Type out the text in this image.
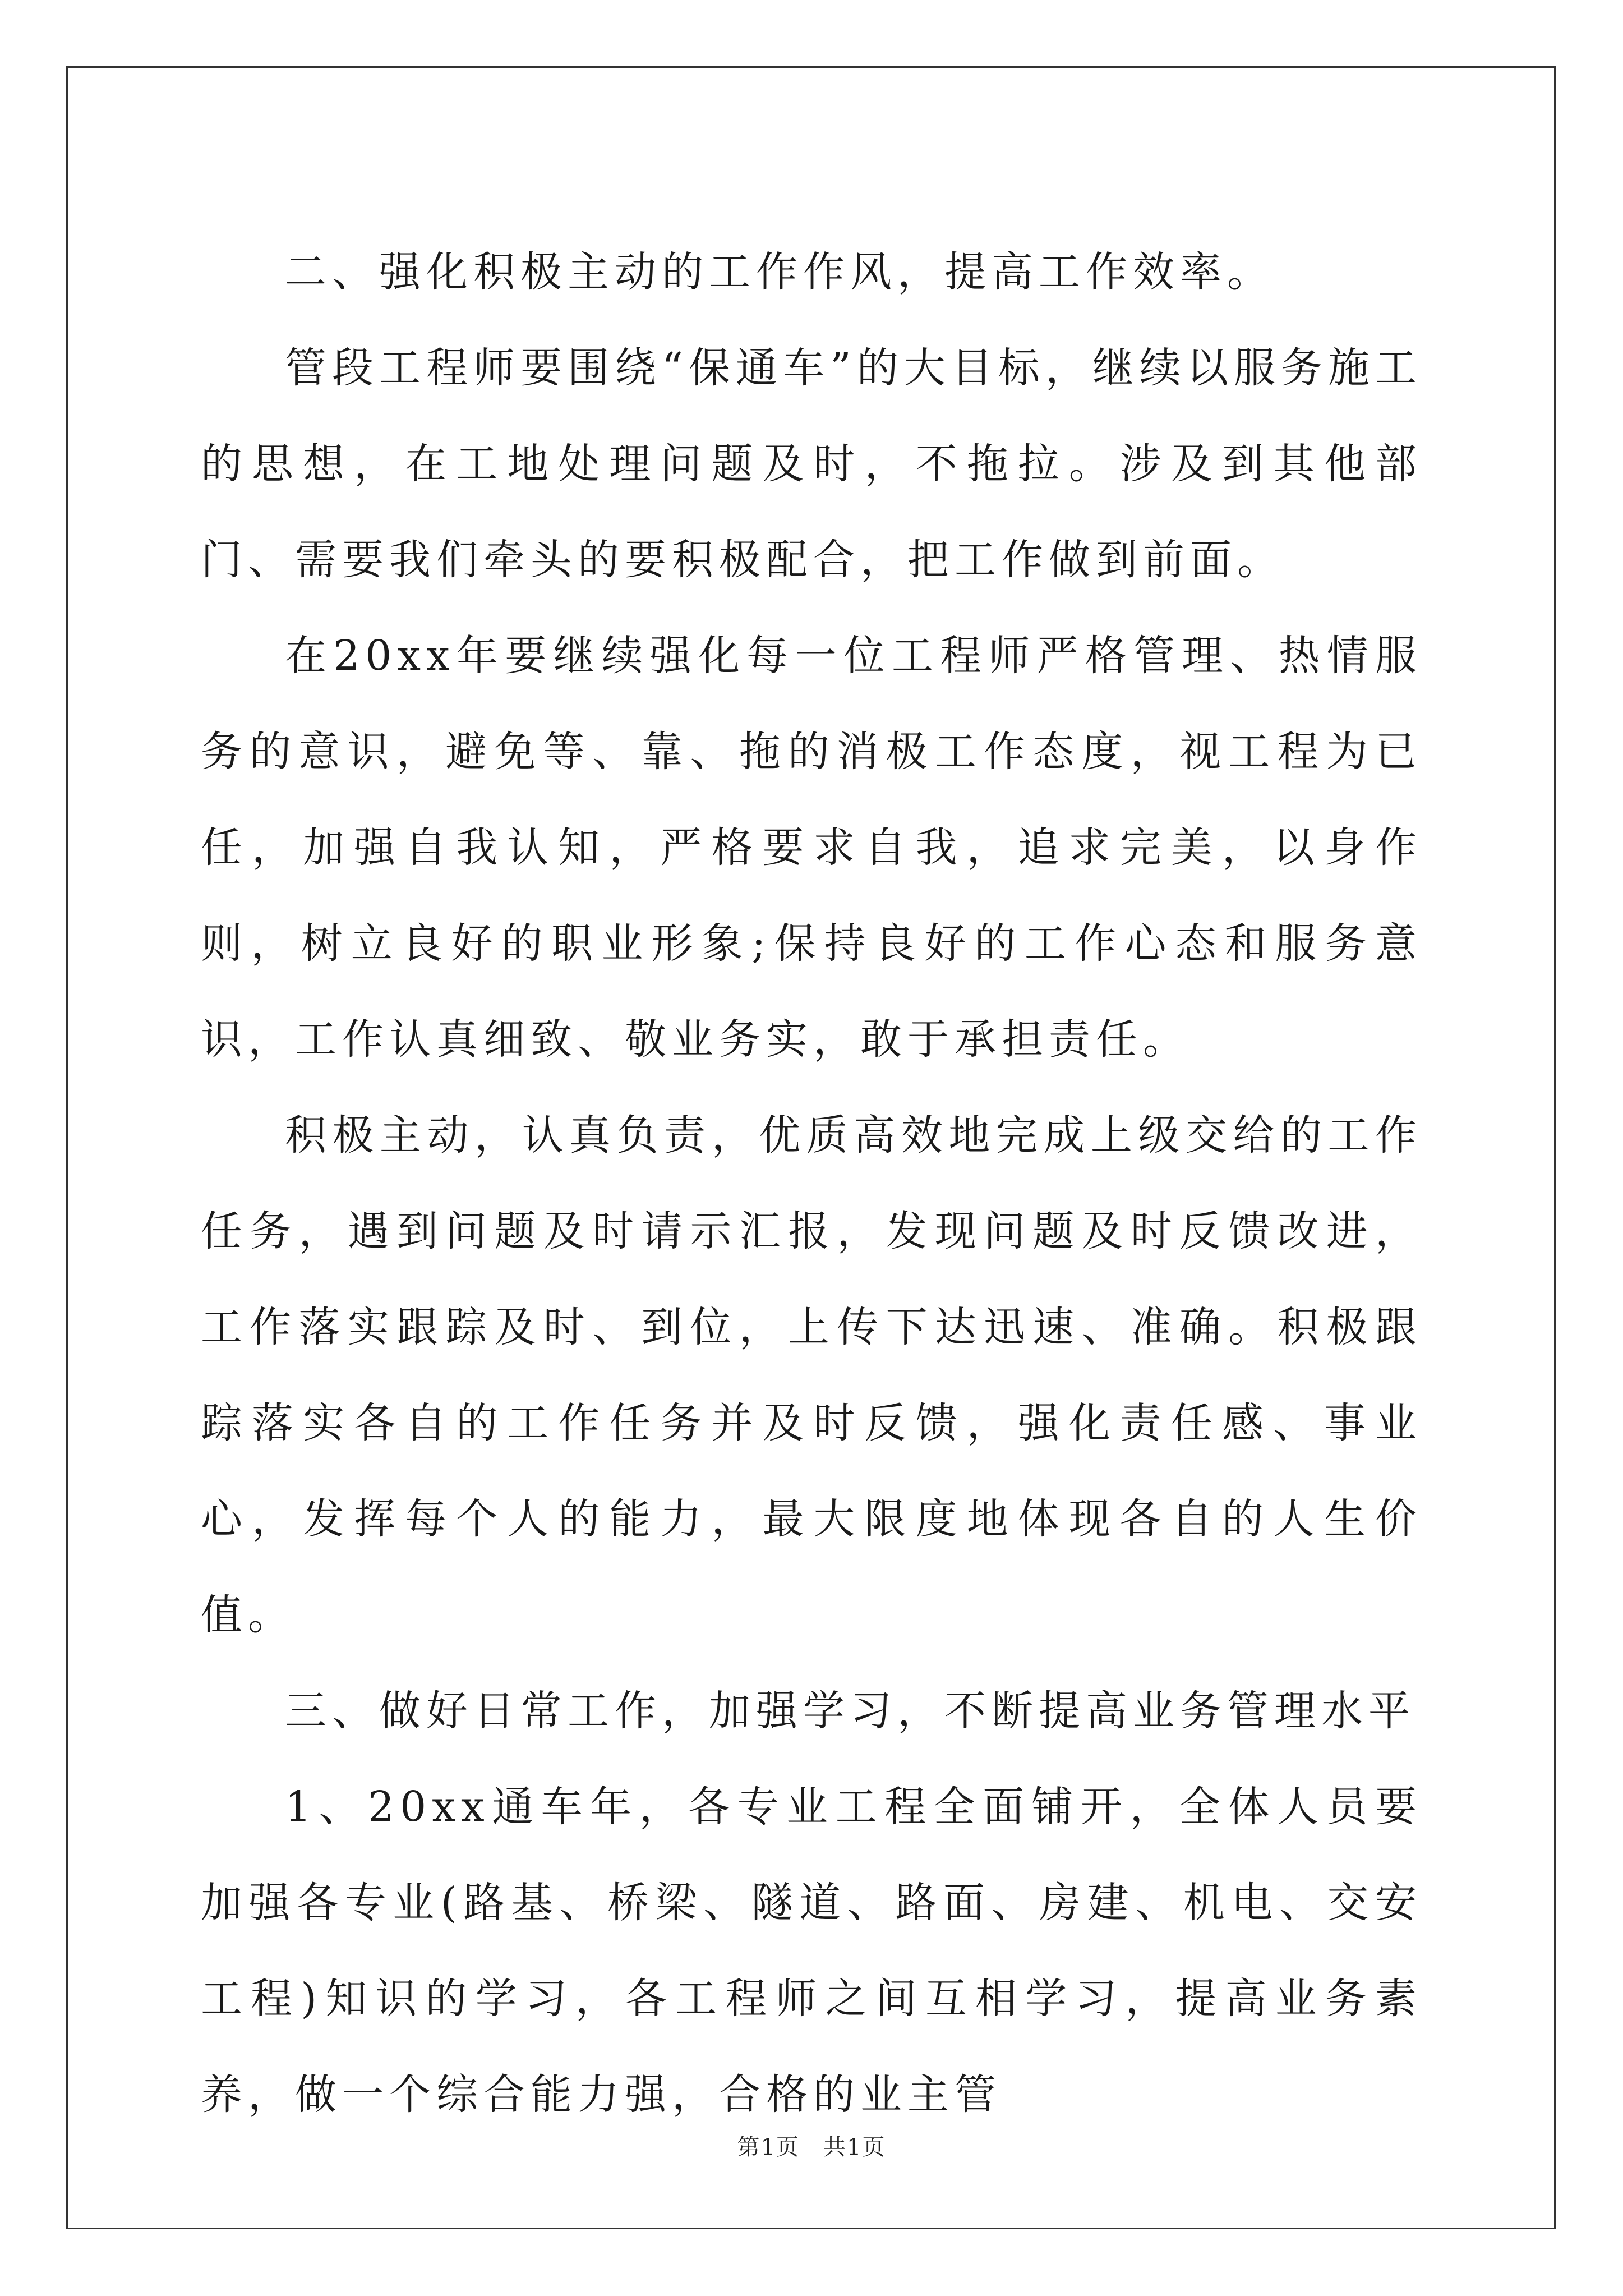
二、强化积极主动的工作作风，提高工作效率。

管段工程师要围绕“保通车”的大目标，继续以服务施工的思想，在工地处理问题及时，不拖拉。涉及到其他部门、需要我们牵头的要积极配合，把工作做到前面。

在20xx年要继续强化每一位工程师严格管理、热情服务的意识，避免等、靠、拖的消极工作态度，视工程为已任，加强自我认知，严格要求自我，追求完美，以身作则，树立良好的职业形象;保持良好的工作心态和服务意识，工作认真细致、敬业务实，敢于承担责任。

积极主动，认真负责，优质高效地完成上级交给的工作任务，遇到问题及时请示汇报，发现问题及时反馈改进，工作落实跟踪及时、到位，上传下达迅速、准确。积极跟踪落实各自的工作任务并及时反馈，强化责任感、事业心，发挥每个人的能力，最大限度地体现各自的人生价值。

三、做好日常工作，加强学习，不断提高业务管理水平

1、20xx通车年，各专业工程全面铺开，全体人员要加强各专业(路基、桥梁、隧道、路面、房建、机电、交安工程)知识的学习，各工程师之间互相学习，提高业务素养，做一个综合能力强，合格的业主管

第1页　共1页
